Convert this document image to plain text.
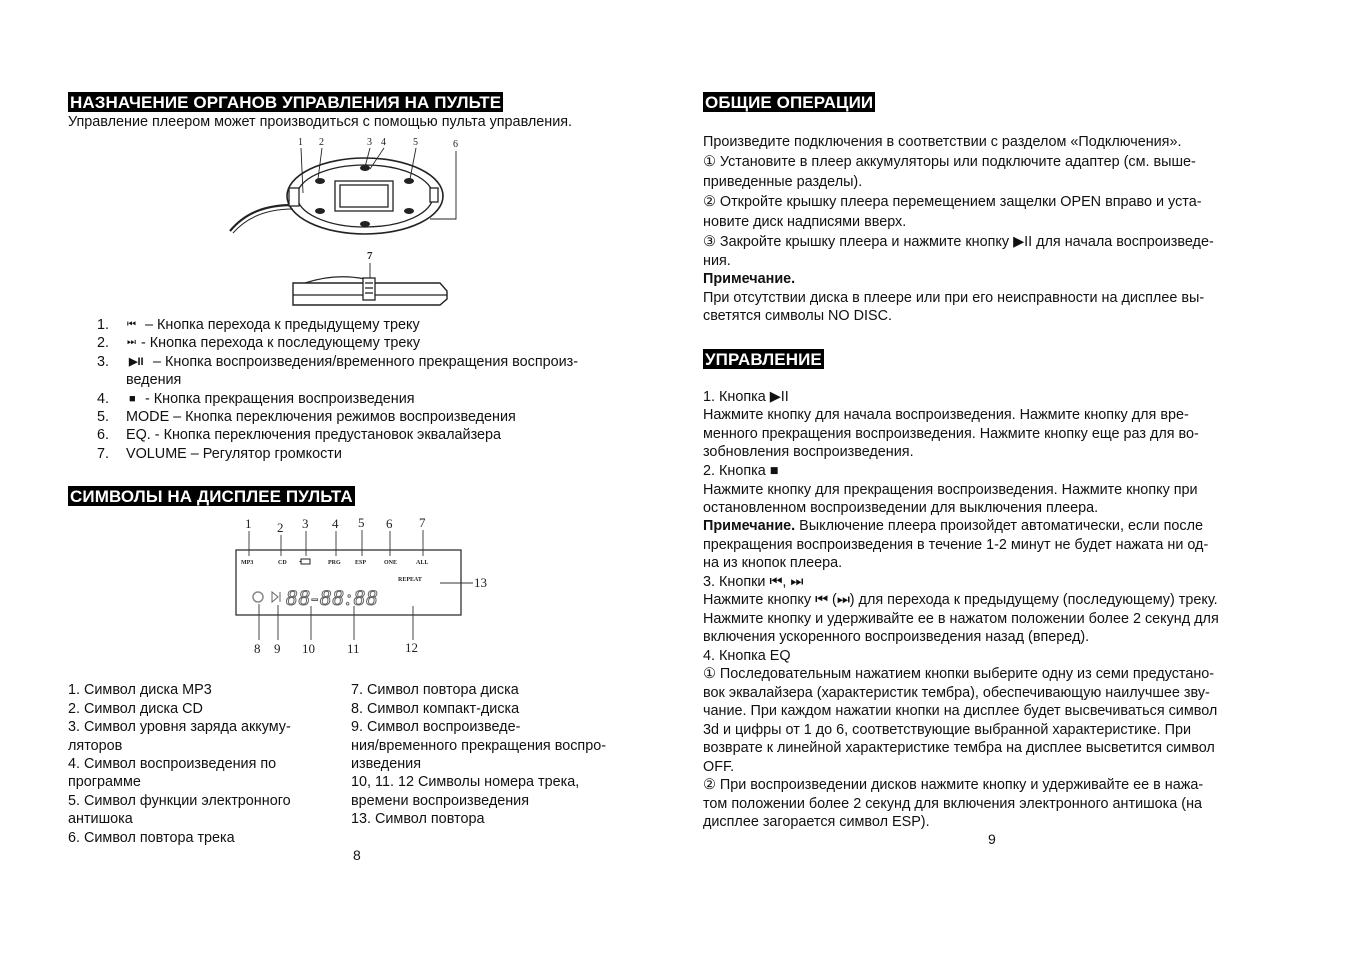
НАЗНАЧЕНИЕ ОРГАНОВ УПРАВЛЕНИЯ НА ПУЛЬТЕ
Управление плеером может производиться с помощью пульта управления.
1 2	3 4	5	6
7
1. ⏮ – Кнопка перехода к предыдущему треку
2. ⏭ - Кнопка перехода к последующему треку
3. ▶II – Кнопка воспроизведения/временного прекращения воспроиз-
ведения
4. ■ - Кнопка прекращения воспроизведения
5. MODE – Кнопка переключения режимов воспроизведения
6. EQ. - Кнопка переключения предустановок эквалайзера
7. VOLUME – Регулятор громкости
СИМВОЛЫ НА ДИСПЛЕЕ ПУЛЬТА
1 2 3 4 5 6 7
MP3	CD	PRG ESP	ONE	ALL
REPEAT
88-88:88
13
8 9 10 11	12
1. Символ диска MP3
2. Символ диска CD
3. Символ уровня заряда аккуму-
ляторов
4. Символ воспроизведения по
программе
5. Символ функции электронного
антишока
6. Символ повтора трека
7. Символ повтора диска
8. Символ компакт-диска
9. Символ воспроизведе-
ния/временного прекращения воспро-
изведения
10, 11. 12 Символы номера трека,
времени воспроизведения
13. Символ повтора
8
ОБЩИЕ ОПЕРАЦИИ
Произведите подключения в соответствии с разделом «Подключения».
① Установите в плеер аккумуляторы или подключите адаптер (см. выше-
приведенные разделы).
② Откройте крышку плеера перемещением защелки OPEN вправо и уста-
новите диск надписями вверх.
③ Закройте крышку плеера и нажмите кнопку ▶II для начала воспроизведе-
ния.
Примечание.
При отсутствии диска в плеере или при его неисправности на дисплее вы-
светятся символы NO DISC.
УПРАВЛЕНИЕ
1. Кнопка ▶II
Нажмите кнопку для начала воспроизведения. Нажмите кнопку для вре-
менного прекращения воспроизведения. Нажмите кнопку еще раз для во-
зобновления воспроизведения.
2. Кнопка ■
Нажмите кнопку для прекращения воспроизведения. Нажмите кнопку при
остановленном воспроизведении для выключения плеера.
Примечание. Выключение плеера произойдет автоматически, если после
прекращения воспроизведения в течение 1-2 минут не будет нажата ни од-
на из кнопок плеера.
3. Кнопки ⏮, ⏭
Нажмите кнопку ⏮ (⏭) для перехода к предыдущему (последующему) треку.
Нажмите кнопку и удерживайте ее в нажатом положении более 2 секунд для
включения ускоренного воспроизведения назад (вперед).
4. Кнопка EQ
① Последовательным нажатием кнопки выберите одну из семи предустано-
вок эквалайзера (характеристик тембра), обеспечивающую наилучшее зву-
чание. При каждом нажатии кнопки на дисплее будет высвечиваться символ
3d и цифры от 1 до 6, соответствующие выбранной характеристике. При
возврате к линейной характеристике тембра на дисплее высветится символ
OFF.
② При воспроизведении дисков нажмите кнопку и удерживайте ее в нажа-
том положении более 2 секунд для включения электронного антишока (на
дисплее загорается символ ESP).
9
